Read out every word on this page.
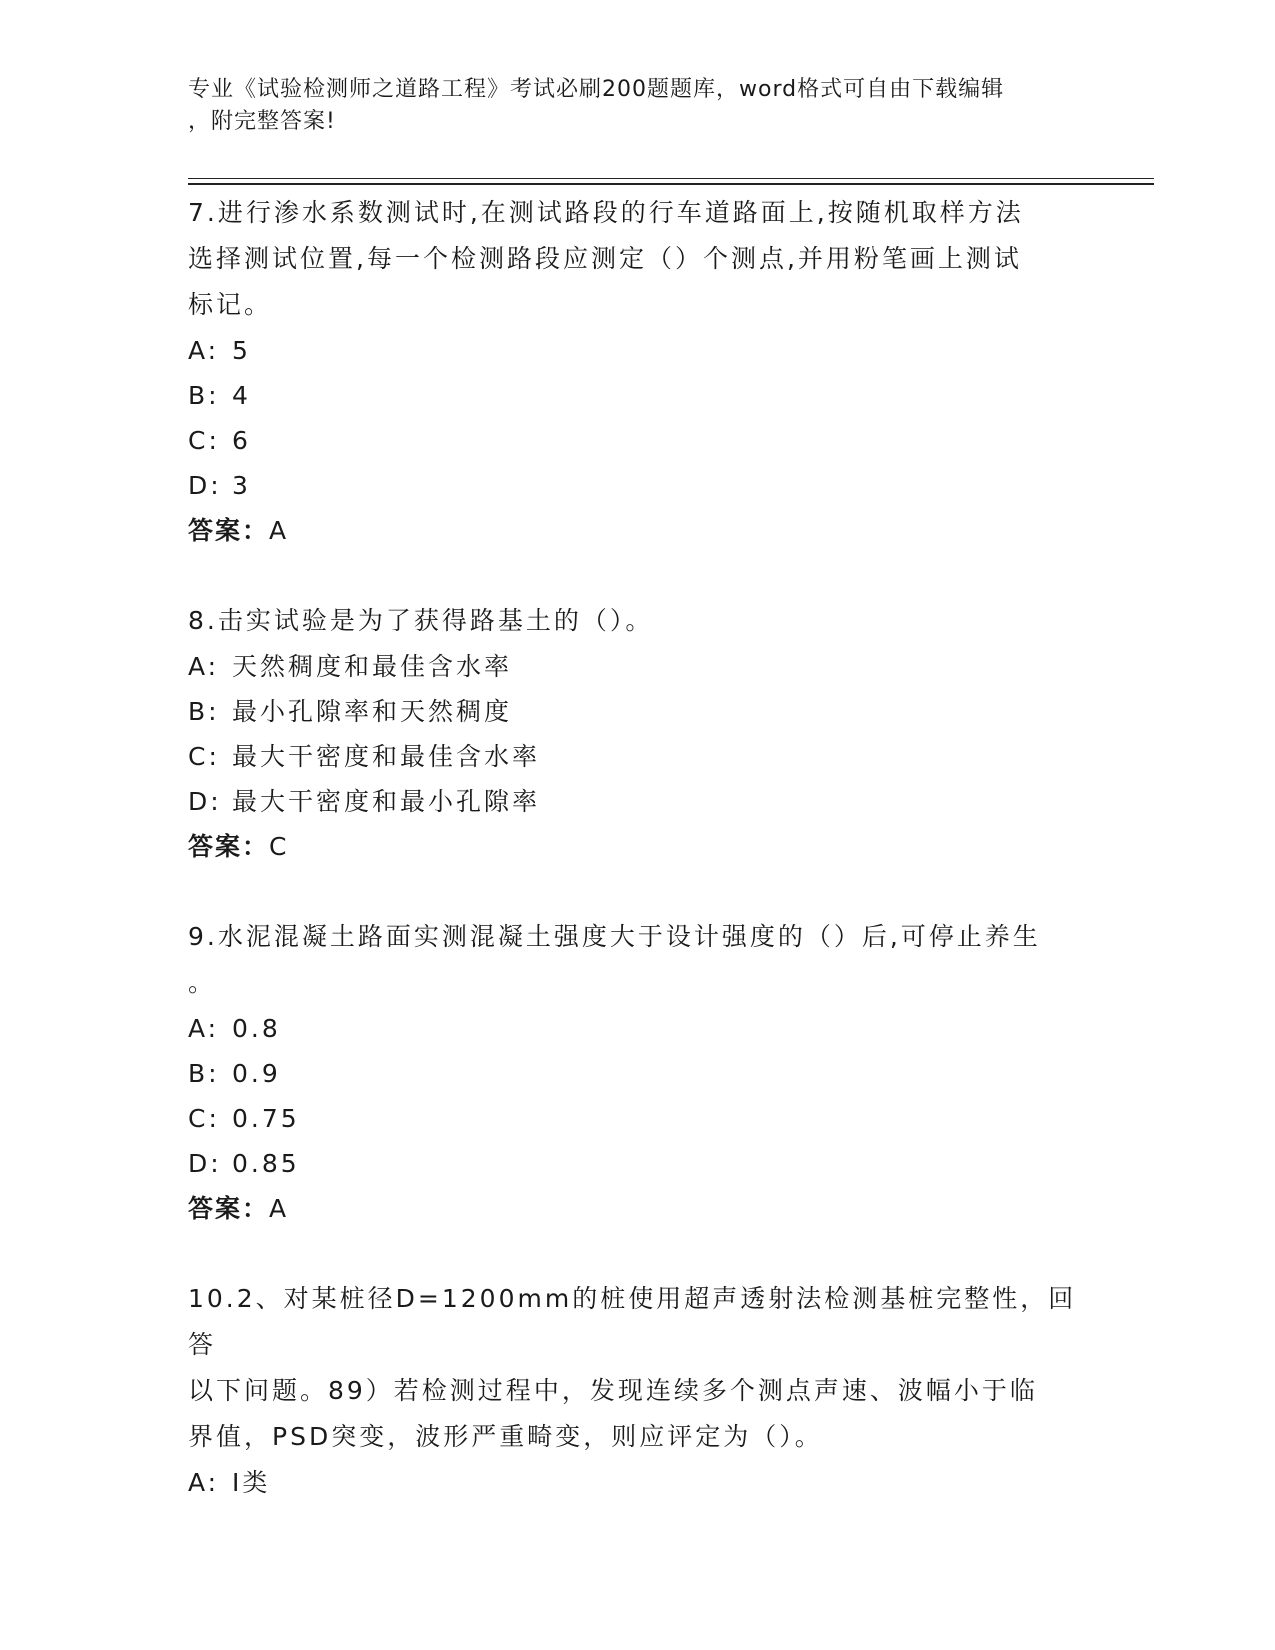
专业《试验检测师之道路工程》考试必刷200题题库，word格式可自由下载编辑
，附完整答案!
7.进行渗水系数测试时,在测试路段的行车道路面上,按随机取样方法
选择测试位置,每一个检测路段应测定（）个测点,并用粉笔画上测试
标记。
A: 5
B: 4
C: 6
D: 3
答案：A
8.击实试验是为了获得路基土的（）。
A: 天然稠度和最佳含水率
B: 最小孔隙率和天然稠度
C: 最大干密度和最佳含水率
D: 最大干密度和最小孔隙率
答案：C
9.水泥混凝土路面实测混凝土强度大于设计强度的（）后,可停止养生
。
A: 0.8
B: 0.9
C: 0.75
D: 0.85
答案：A
10.2、对某桩径D=1200mm的桩使用超声透射法检测基桩完整性，回答
以下问题。89）若检测过程中，发现连续多个测点声速、波幅小于临
界值，PSD突变，波形严重畸变，则应评定为（）。
A: I类
